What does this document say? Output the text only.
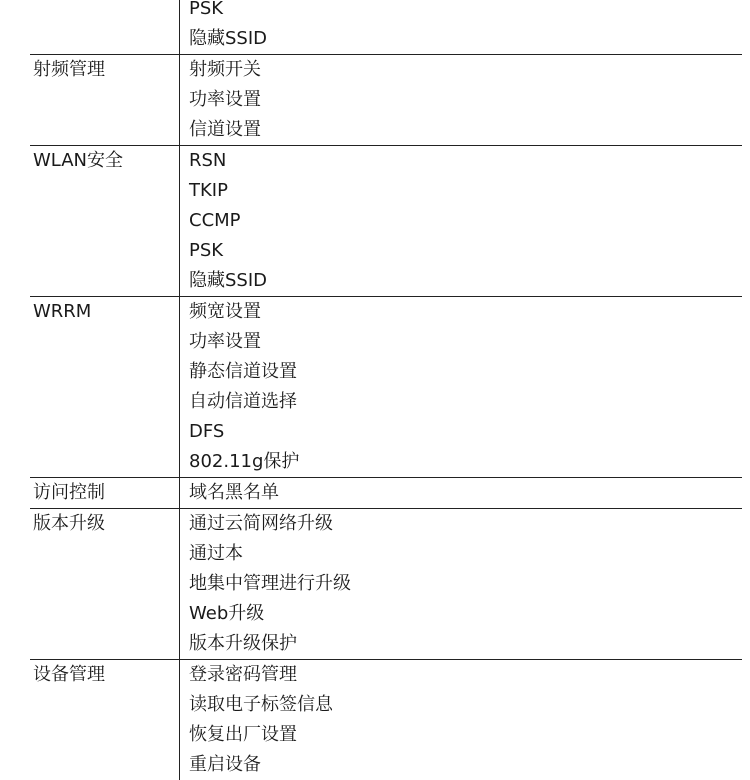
PSK
隐藏SSID
射频管理	射频开关
功率设置
信道设置
WLAN安全	RSN
TKIP
CCMP
PSK
隐藏SSID
WRRM	频宽设置
功率设置
静态信道设置
自动信道选择
DFS
802.11g保护
访问控制	域名黑名单
版本升级	通过云简网络升级
通过本
地集中管理进行升级
Web升级
版本升级保护
设备管理	登录密码管理
读取电子标签信息
恢复出厂设置
重启设备
